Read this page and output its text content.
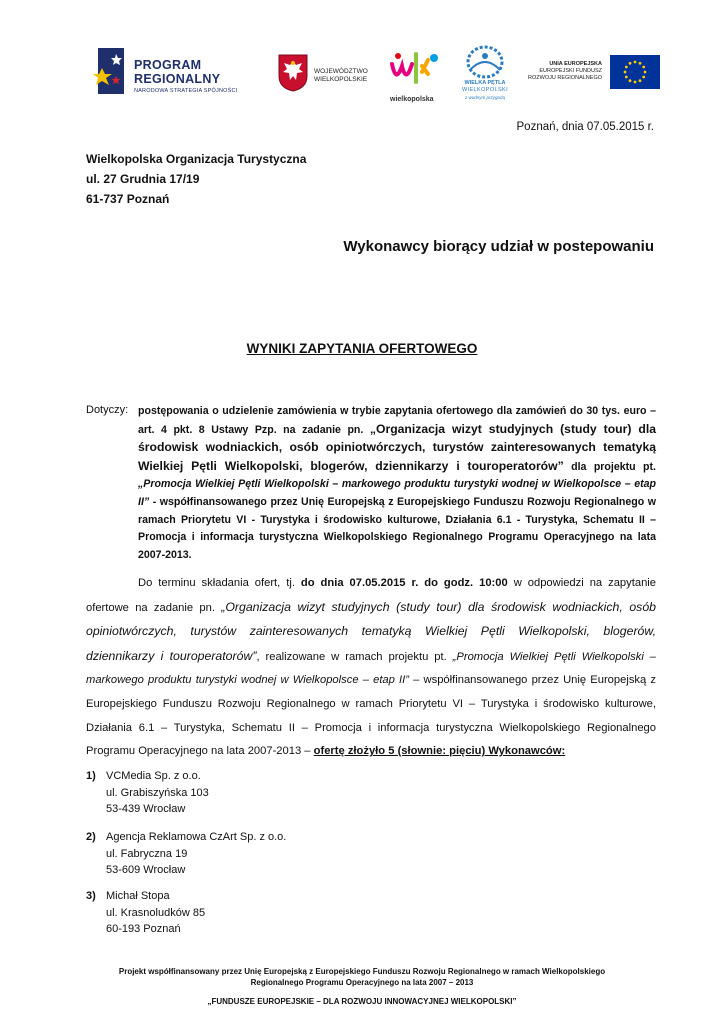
PROGRAM
REGIONALNY
NARODOWA STRATEGIA SPÓJNOŚCI
WOJEWÓDZTWO
WIELKOPOLSKIE
wielkopolska
WIELKA PĘTLA
WIELKOPOLSKI
z wodnym przygodą
UNIA EUROPEJSKA
EUROPEJSKI FUNDUSZ
ROZWOJU REGIONALNEGO
Poznań, dnia 07.05.2015 r.
Wielkopolska Organizacja Turystyczna
ul. 27 Grudnia 17/19
61-737 Poznań
Wykonawcy biorący udział w postepowaniu
WYNIKI ZAPYTANIA OFERTOWEGO
Dotyczy: postępowania o udzielenie zamówienia w trybie zapytania ofertowego dla zamówień do 30 tys. euro – art. 4 pkt. 8 Ustawy Pzp. na zadanie pn. „Organizacja wizyt studyjnych (study tour) dla środowisk wodniackich, osób opiniotwórczych, turystów zainteresowanych tematyką Wielkiej Pętli Wielkopolski, blogerów, dziennikarzy i touroperatorów” dla projektu pt. „Promocja Wielkiej Pętli Wielkopolski – markowego produktu turystyki wodnej w Wielkopolsce – etap II” - współfinansowanego przez Unię Europejską z Europejskiego Funduszu Rozwoju Regionalnego w ramach Priorytetu VI - Turystyka i środowisko kulturowe, Działania 6.1 - Turystyka, Schematu II – Promocja i informacja turystyczna Wielkopolskiego Regionalnego Programu Operacyjnego na lata 2007-2013.
Do terminu składania ofert, tj. do dnia 07.05.2015 r. do godz. 10:00 w odpowiedzi na zapytanie ofertowe na zadanie pn. „Organizacja wizyt studyjnych (study tour) dla środowisk wodniackich, osób opiniotwórczych, turystów zainteresowanych tematyką Wielkiej Pętli Wielkopolski, blogerów, dziennikarzy i touroperatorów”, realizowane w ramach projektu pt. „Promocja Wielkiej Pętli Wielkopolski – markowego produktu turystyki wodnej w Wielkopolsce – etap II” – współfinansowanego przez Unię Europejską z Europejskiego Funduszu Rozwoju Regionalnego w ramach Priorytetu VI – Turystyka i środowisko kulturowe, Działania 6.1 – Turystyka, Schematu II – Promocja i informacja turystyczna Wielkopolskiego Regionalnego Programu Operacyjnego na lata 2007-2013 – ofertę złożyło 5 (słownie: pięciu) Wykonawców:
1) VCMedia Sp. z o.o.
ul. Grabiszyńska 103
53-439 Wrocław
2) Agencja Reklamowa CzArt Sp. z o.o.
ul. Fabryczna 19
53-609 Wrocław
3) Michał Stopa
ul. Krasnoludków 85
60-193 Poznań
Projekt współfinansowany przez Unię Europejską z Europejskiego Funduszu Rozwoju Regionalnego w ramach Wielkopolskiego
Regionalnego Programu Operacyjnego na lata 2007 – 2013
„FUNDUSZE EUROPEJSKIE – DLA ROZWOJU INNOWACYJNEJ WIELKOPOLSKI”
